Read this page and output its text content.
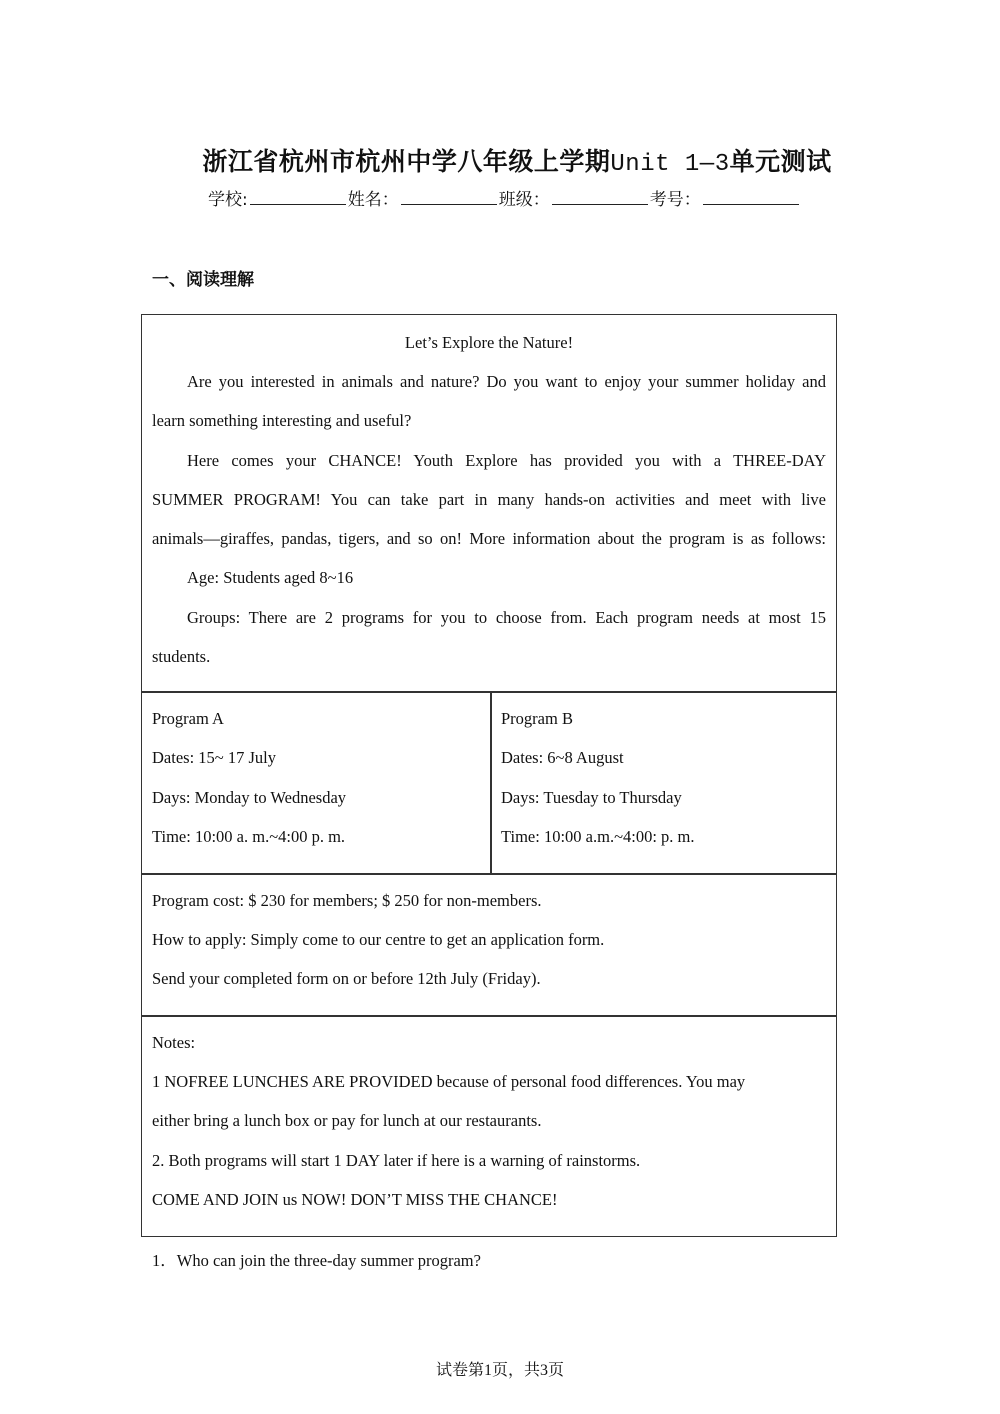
浙江省杭州市杭州中学八年级上学期Unit 1—3单元测试
学校:	姓名：	班级：	考号：
一、阅读理解
Let’s Explore the Nature!
Are you interested in animals and nature? Do you want to enjoy your summer holiday and
learn something interesting and useful?
Here comes your CHANCE! Youth Explore has provided you with a THREE-DAY
SUMMER PROGRAM! You can take part in many hands-on activities and meet with live
animals—giraffes, pandas, tigers, and so on! More information about the program is as follows:
Age: Students aged 8~16
Groups: There are 2 programs for you to choose from. Each program needs at most 15
students.
Program A
Dates: 15~ 17 July
Days: Monday to Wednesday
Time: 10:00 a. m.~4:00 p. m.
Program B
Dates: 6~8 August
Days: Tuesday to Thursday
Time: 10:00 a.m.~4:00: p. m.
Program cost: $ 230 for members; $ 250 for non-members.
How to apply: Simply come to our centre to get an application form.
Send your completed form on or before 12th July (Friday).
Notes:
1 NOFREE LUNCHES ARE PROVIDED because of personal food differences. You may
either bring a lunch box or pay for lunch at our restaurants.
2. Both programs will start 1 DAY later if here is a warning of rainstorms.
COME AND JOIN us NOW! DON’T MISS THE CHANCE!
1．Who can join the three-day summer program?
试卷第1页，共3页
